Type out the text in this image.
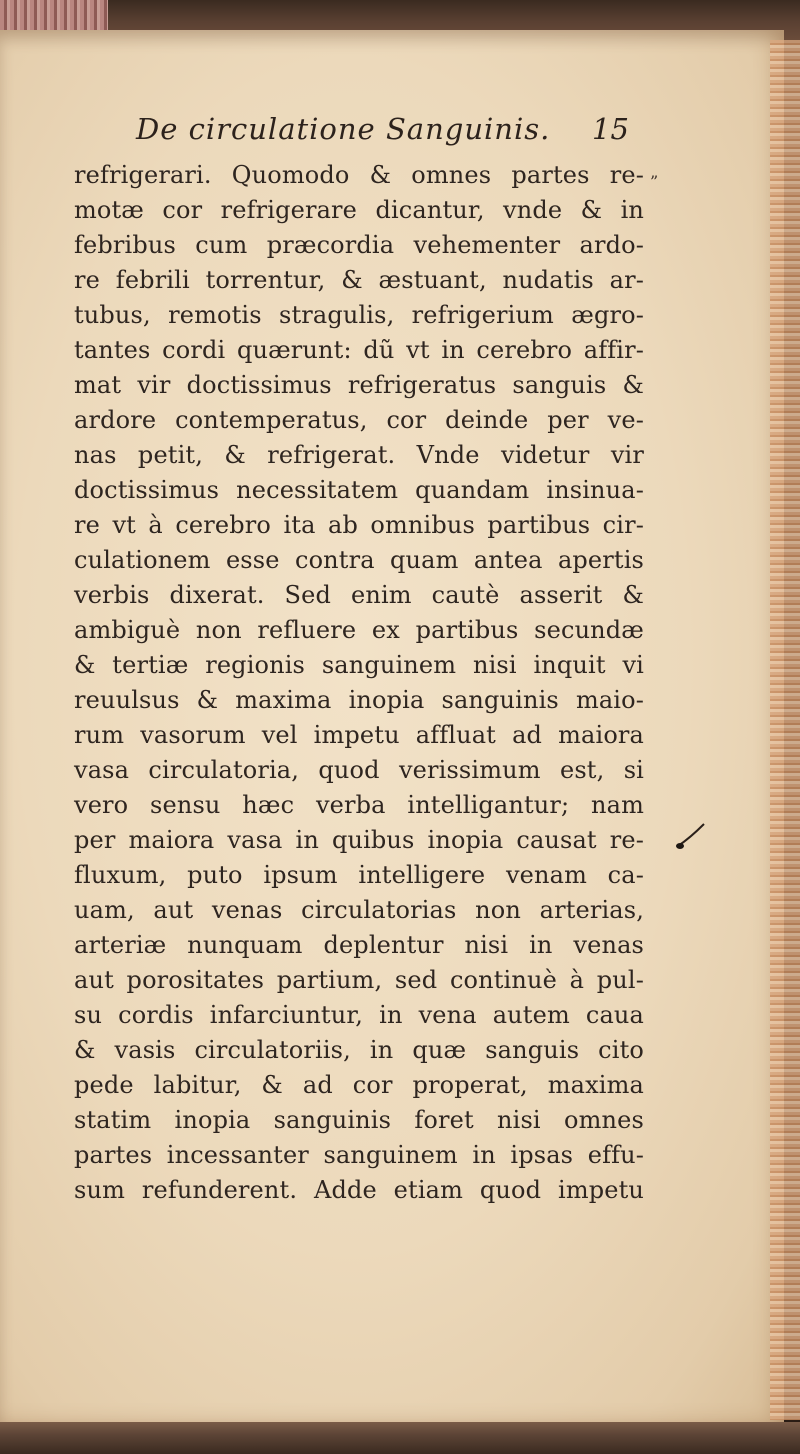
De circulatione Sanguinis. 15
”
refrigerari. Quomodo & omnes partes re-
motæ cor refrigerare dicantur, vnde & in
febribus cum præcordia vehementer ardo-
re febrili torrentur, & æstuant, nudatis ar-
tubus, remotis stragulis, refrigerium ægro-
tantes cordi quærunt: dũ vt in cerebro affir-
mat vir doctissimus refrigeratus sanguis &
ardore contemperatus, cor deinde per ve-
nas petit, & refrigerat. Vnde videtur vir
doctissimus necessitatem quandam insinua-
re vt à cerebro ita ab omnibus partibus cir-
culationem esse contra quam antea apertis
verbis dixerat. Sed enim cautè asserit &
ambiguè non refluere ex partibus secundæ
& tertiæ regionis sanguinem nisi inquit vi
reuulsus & maxima inopia sanguinis maio-
rum vasorum vel impetu affluat ad maiora
vasa circulatoria, quod verissimum est, si
vero sensu hæc verba intelligantur; nam
per maiora vasa in quibus inopia causat re-
fluxum, puto ipsum intelligere venam ca-
uam, aut venas circulatorias non arterias,
arteriæ nunquam deplentur nisi in venas
aut porositates partium, sed continuè à pul-
su cordis infarciuntur, in vena autem caua
& vasis circulatoriis, in quæ sanguis cito
pede labitur, & ad cor properat, maxima
statim inopia sanguinis foret nisi omnes
partes incessanter sanguinem in ipsas effu-
sum refunderent. Adde etiam quod impetu
